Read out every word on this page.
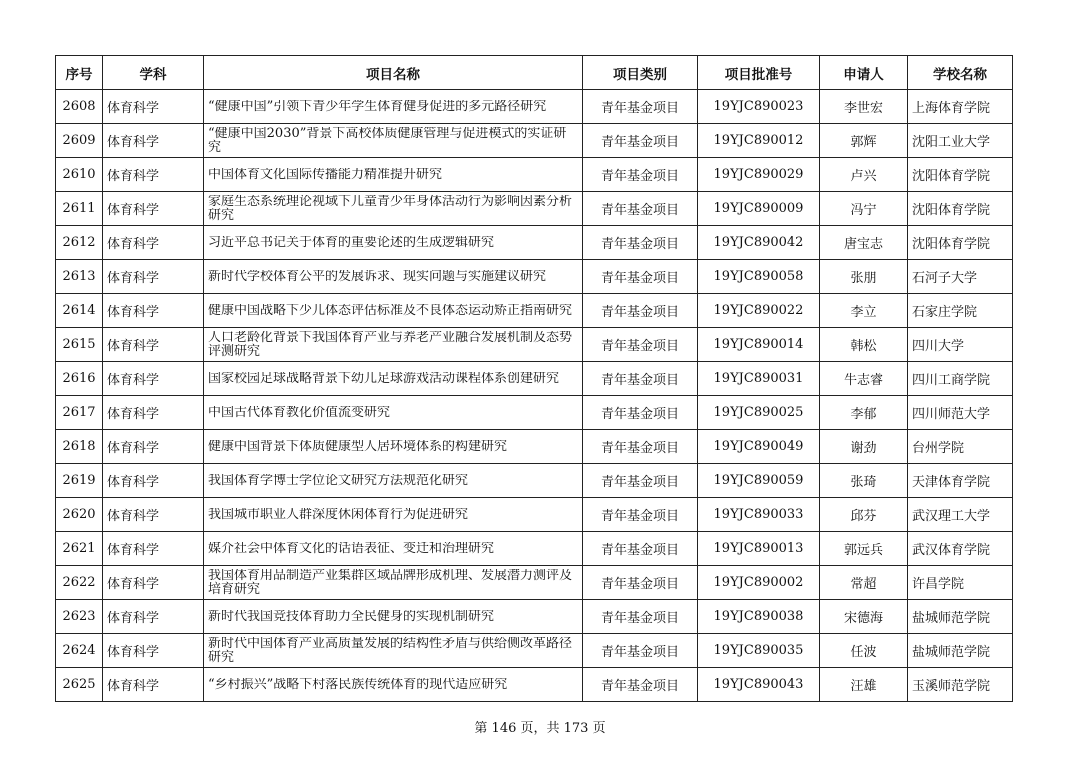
序号	学科	项目名称	项目类别	项目批准号	申请人	学校名称
2608	体育科学	“健康中国”引领下青少年学生体育健身促进的多元路径研究	青年基金项目	19YJC890023	李世宏	上海体育学院
2609	体育科学	“健康中国2030”背景下高校体质健康管理与促进模式的实证研究	青年基金项目	19YJC890012	郭辉	沈阳工业大学
2610	体育科学	中国体育文化国际传播能力精准提升研究	青年基金项目	19YJC890029	卢兴	沈阳体育学院
2611	体育科学	家庭生态系统理论视域下儿童青少年身体活动行为影响因素分析研究	青年基金项目	19YJC890009	冯宁	沈阳体育学院
2612	体育科学	习近平总书记关于体育的重要论述的生成逻辑研究	青年基金项目	19YJC890042	唐宝志	沈阳体育学院
2613	体育科学	新时代学校体育公平的发展诉求、现实问题与实施建议研究	青年基金项目	19YJC890058	张朋	石河子大学
2614	体育科学	健康中国战略下少儿体态评估标准及不良体态运动矫正指南研究	青年基金项目	19YJC890022	李立	石家庄学院
2615	体育科学	人口老龄化背景下我国体育产业与养老产业融合发展机制及态势评测研究	青年基金项目	19YJC890014	韩松	四川大学
2616	体育科学	国家校园足球战略背景下幼儿足球游戏活动课程体系创建研究	青年基金项目	19YJC890031	牛志睿	四川工商学院
2617	体育科学	中国古代体育教化价值流变研究	青年基金项目	19YJC890025	李郁	四川师范大学
2618	体育科学	健康中国背景下体质健康型人居环境体系的构建研究	青年基金项目	19YJC890049	谢劲	台州学院
2619	体育科学	我国体育学博士学位论文研究方法规范化研究	青年基金项目	19YJC890059	张琦	天津体育学院
2620	体育科学	我国城市职业人群深度休闲体育行为促进研究	青年基金项目	19YJC890033	邱芬	武汉理工大学
2621	体育科学	媒介社会中体育文化的话语表征、变迁和治理研究	青年基金项目	19YJC890013	郭远兵	武汉体育学院
2622	体育科学	我国体育用品制造产业集群区域品牌形成机理、发展潜力测评及培育研究	青年基金项目	19YJC890002	常超	许昌学院
2623	体育科学	新时代我国竞技体育助力全民健身的实现机制研究	青年基金项目	19YJC890038	宋德海	盐城师范学院
2624	体育科学	新时代中国体育产业高质量发展的结构性矛盾与供给侧改革路径研究	青年基金项目	19YJC890035	任波	盐城师范学院
2625	体育科学	“乡村振兴”战略下村落民族传统体育的现代适应研究	青年基金项目	19YJC890043	汪雄	玉溪师范学院
第 146 页，共 173 页
